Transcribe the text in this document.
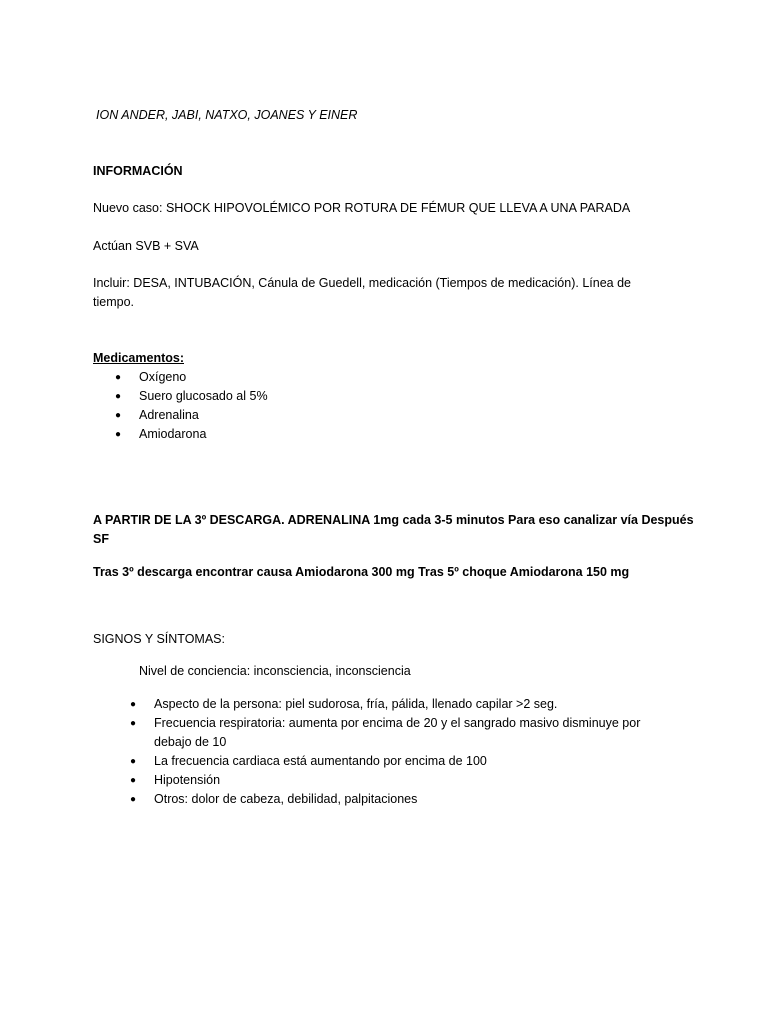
ION ANDER, JABI, NATXO, JOANES Y EINER
INFORMACIÓN
Nuevo caso: SHOCK HIPOVOLÉMICO POR ROTURA DE FÉMUR QUE LLEVA A UNA PARADA
Actúan SVB + SVA
Incluir: DESA, INTUBACIÓN, Cánula de Guedell, medicación (Tiempos de medicación). Línea de
tiempo.
Medicamentos:
● Oxígeno
● Suero glucosado al 5%
● Adrenalina
● Amiodarona
A PARTIR DE LA 3º DESCARGA. ADRENALINA 1mg cada 3-5 minutos Para eso canalizar vía Después
SF
Tras 3º descarga encontrar causa Amiodarona 300 mg Tras 5º choque Amiodarona 150 mg
SIGNOS Y SÍNTOMAS:
Nivel de conciencia: inconsciencia, inconsciencia
● Aspecto de la persona: piel sudorosa, fría, pálida, llenado capilar >2 seg.
● Frecuencia respiratoria: aumenta por encima de 20 y el sangrado masivo disminuye por debajo de 10
● La frecuencia cardiaca está aumentando por encima de 100
● Hipotensión
● Otros: dolor de cabeza, debilidad, palpitaciones
